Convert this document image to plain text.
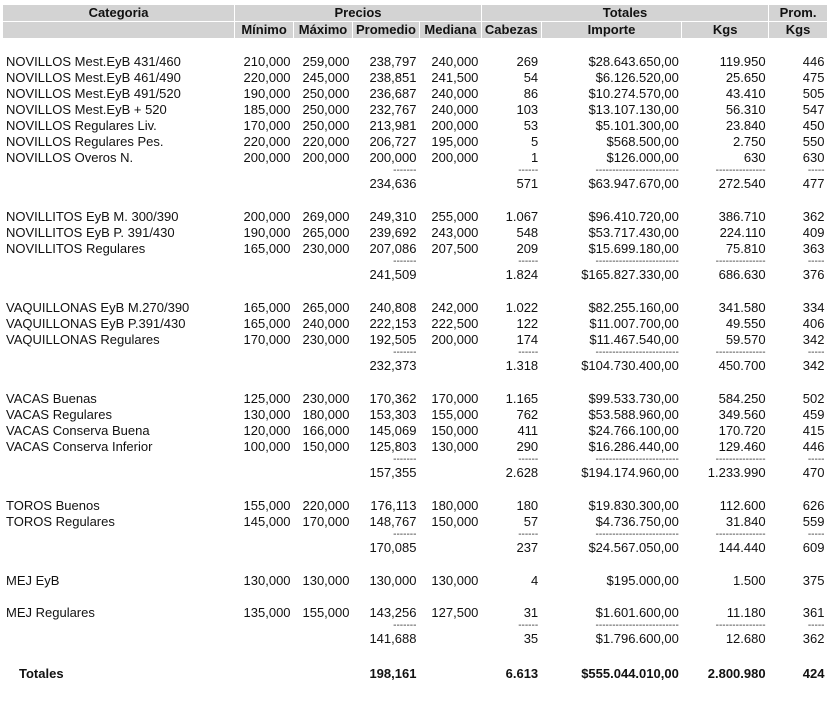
Categoria	Precios				Totales			Prom.
	Mínimo	Máximo	Promedio	Mediana	Cabezas	Importe	Kgs	Kgs

NOVILLOS Mest.EyB 431/460	210,000	259,000	238,797	240,000	269	$28.643.650,00	119.950	446
NOVILLOS Mest.EyB 461/490	220,000	245,000	238,851	241,500	54	$6.126.520,00	25.650	475
NOVILLOS Mest.EyB 491/520	190,000	250,000	236,687	240,000	86	$10.274.570,00	43.410	505
NOVILLOS Mest.EyB + 520	185,000	250,000	232,767	240,000	103	$13.107.130,00	56.310	547
NOVILLOS Regulares Liv.	170,000	250,000	213,981	200,000	53	$5.101.300,00	23.840	450
NOVILLOS Regulares Pes.	220,000	220,000	206,727	195,000	5	$568.500,00	2.750	550
NOVILLOS Overos N.	200,000	200,000	200,000	200,000	1	$126.000,00	630	630
			-------		------	-------------------------	---------------	-----
			234,636		571	$63.947.670,00	272.540	477

NOVILLITOS EyB M. 300/390	200,000	269,000	249,310	255,000	1.067	$96.410.720,00	386.710	362
NOVILLITOS EyB P. 391/430	190,000	265,000	239,692	243,000	548	$53.717.430,00	224.110	409
NOVILLITOS Regulares	165,000	230,000	207,086	207,500	209	$15.699.180,00	75.810	363
			-------		------	-------------------------	---------------	-----
			241,509		1.824	$165.827.330,00	686.630	376

VAQUILLONAS EyB M.270/390	165,000	265,000	240,808	242,000	1.022	$82.255.160,00	341.580	334
VAQUILLONAS EyB P.391/430	165,000	240,000	222,153	222,500	122	$11.007.700,00	49.550	406
VAQUILLONAS Regulares	170,000	230,000	192,505	200,000	174	$11.467.540,00	59.570	342
			-------		------	-------------------------	---------------	-----
			232,373		1.318	$104.730.400,00	450.700	342

VACAS Buenas	125,000	230,000	170,362	170,000	1.165	$99.533.730,00	584.250	502
VACAS Regulares	130,000	180,000	153,303	155,000	762	$53.588.960,00	349.560	459
VACAS Conserva Buena	120,000	166,000	145,069	150,000	411	$24.766.100,00	170.720	415
VACAS Conserva Inferior	100,000	150,000	125,803	130,000	290	$16.286.440,00	129.460	446
			-------		------	-------------------------	---------------	-----
			157,355		2.628	$194.174.960,00	1.233.990	470

TOROS Buenos	155,000	220,000	176,113	180,000	180	$19.830.300,00	112.600	626
TOROS Regulares	145,000	170,000	148,767	150,000	57	$4.736.750,00	31.840	559
			-------		------	-------------------------	---------------	-----
			170,085		237	$24.567.050,00	144.440	609

MEJ EyB	130,000	130,000	130,000	130,000	4	$195.000,00	1.500	375

MEJ Regulares	135,000	155,000	143,256	127,500	31	$1.601.600,00	11.180	361
			-------		------	-------------------------	---------------	-----
			141,688		35	$1.796.600,00	12.680	362

Totales			198,161		6.613	$555.044.010,00	2.800.980	424
